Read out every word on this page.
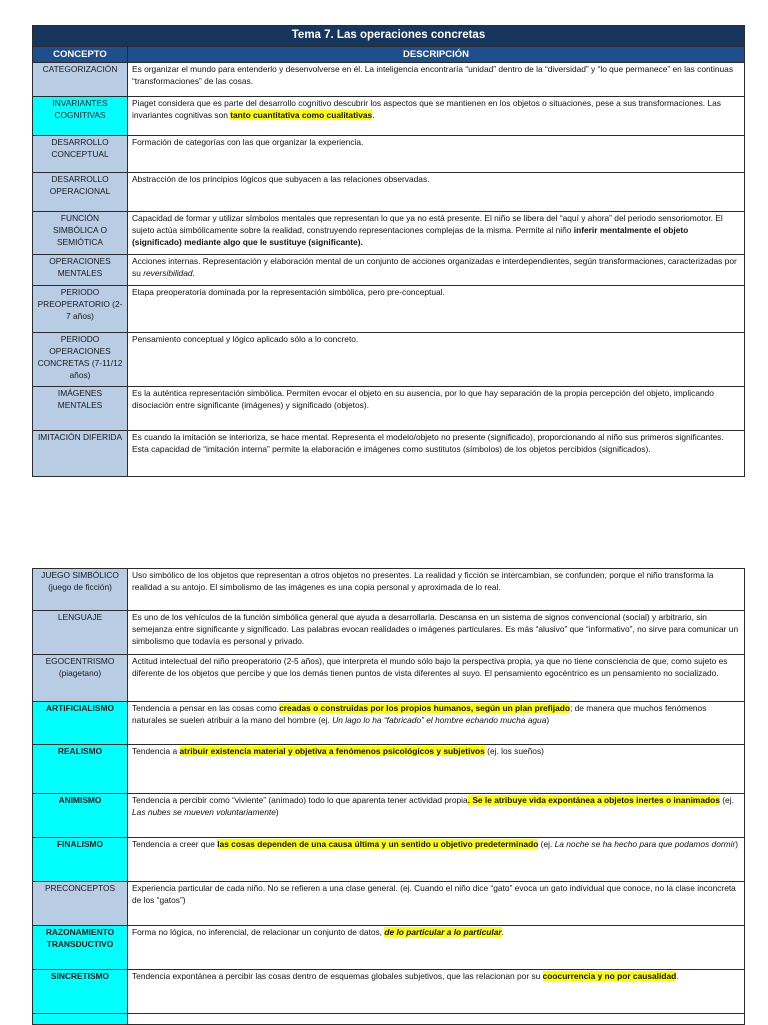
Tema 7. Las operaciones concretas	
CONCEPTO	DESCRIPCIÓN
CATEGORIZACIÓN	Es organizar el mundo para entenderlo y desenvolverse en él. La inteligencia encontraría “unidad” dentro de la “diversidad” y “lo que permanece” en las continuas “transformaciones” de las cosas.
INVARIANTES COGNITIVAS	Piaget considera que es parte del desarrollo cognitivo descubrir los aspectos que se mantienen en los objetos o situaciones, pese a sus transformaciones. Las invariantes cognitivas son tanto cuantitativa como cualitativas.
DESARROLLO CONCEPTUAL	Formación de categorías con las que organizar la experiencia.
DESARROLLO OPERACIONAL	Abstracción de los principios lógicos que subyacen a las relaciones observadas.
FUNCIÓN SIMBÓLICA O SEMIÓTICA	Capacidad de formar y utilizar símbolos mentales que representan lo que ya no está presente. El niño se libera del “aquí y ahora” del periodo sensoriomotor. El sujeto actúa simbólicamente sobre la realidad, construyendo representaciones complejas de la misma. Permite al niño inferir mentalmente el objeto (significado) mediante algo que le sustituye (significante).
OPERACIONES MENTALES	Acciones internas. Representación y elaboración mental de un conjunto de acciones organizadas e interdependientes, según transformaciones, caracterizadas por su reversibilidad.
PERIODO PREOPERATORIO (2-7 años)	Etapa preoperatoria dominada por la representación simbólica, pero pre-conceptual.
PERIODO OPERACIONES CONCRETAS (7-11/12 años)	Pensamiento conceptual y lógico aplicado sólo a lo concreto.
IMÁGENES MENTALES	Es la auténtica representación simbólica. Permiten evocar el objeto en su ausencia, por lo que hay separación de la propia percepción del objeto, implicando disociación entre significante (imágenes) y significado (objetos).
IMITACIÓN DIFERIDA	Es cuando la imitación se interioriza, se hace mental. Representa el modelo/objeto no presente (significado), proporcionando al niño sus primeros significantes. Esta capacidad de “imitación interna” permite la elaboración e imágenes como sustitutos (símbolos) de los objetos percibidos (significados).
JUEGO SIMBÓLICO (juego de ficción)	Uso simbólico de los objetos que representan a otros objetos no presentes. La realidad y ficción se intercambian, se confunden, porque el niño transforma la realidad a su antojo. El simbolismo de las imágenes es una copia personal y aproximada de lo real.
LENGUAJE	Es uno de los vehículos de la función simbólica general que ayuda a desarrollarla. Descansa en un sistema de signos convencional (social) y arbitrario, sin semejanza entre significante y significado. Las palabras evocan realidades o imágenes particulares. Es más “alusivo” que “informativo”, no sirve para comunicar un simbolismo que todavía es personal y privado.
EGOCENTRISMO (piagetano)	Actitud intelectual del niño preoperatorio (2-5 años), que interpreta el mundo sólo bajo la perspectiva propia, ya que no tiene consciencia de que, como sujeto es diferente de los objetos que percibe y que los demás tienen puntos de vista diferentes al suyo. El pensamiento egocéntrico es un pensamiento no socializado.
ARTIFICIALISMO	Tendencia a pensar en las cosas como creadas o construidas por los propios humanos, según un plan prefijado; de manera que muchos fenómenos naturales se suelen atribuir a la mano del hombre (ej. Un lago lo ha “fabricado” el hombre echando mucha agua)
REALISMO	Tendencia a atribuir existencia material y objetiva a fenómenos psicológicos y subjetivos (ej. los sueños)
ANIMISMO	Tendencia a percibir como “viviente” (animado) todo lo que aparenta tener actividad propia. Se le atribuye vida expontánea a objetos inertes o inanimados (ej. Las nubes se mueven voluntariamente)
FINALISMO	Tendencia a creer que las cosas dependen de una causa última y un sentido u objetivo predeterminado (ej. La noche se ha hecho para que podamos dormir)
PRECONCEPTOS	Experiencia particular de cada niño. No se refieren a una clase general. (ej. Cuando el niño dice “gato” evoca un gato individual que conoce, no la clase inconcreta de los “gatos”)
RAZONAMIENTO TRANSDUCTIVO	Forma no lógica, no inferencial, de relacionar un conjunto de datos, de lo particular a lo particular.
SINCRETISMO	Tendencia expontánea a percibir las cosas dentro de esquemas globales subjetivos, que las relacionan por su coocurrencia y no por causalidad.
